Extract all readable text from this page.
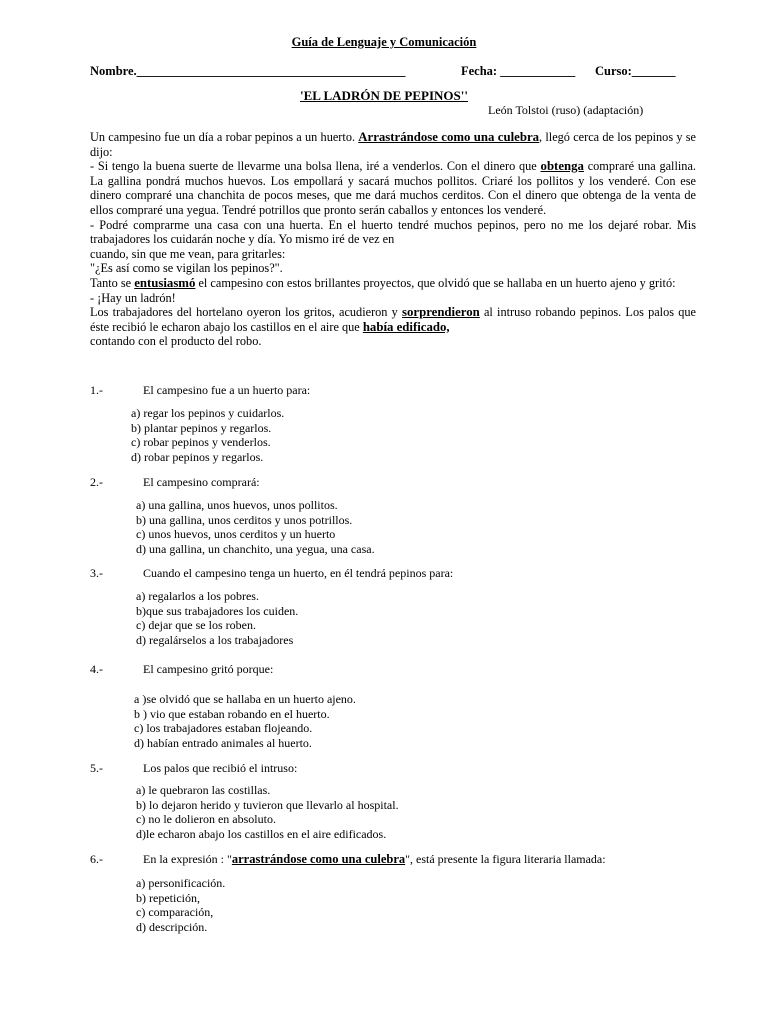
Guía de Lenguaje y Comunicación
Nombre.___________________________________________	Fecha: ____________ Curso:_______
'EL LADRÓN DE PEPINOS''
León Tolstoi (ruso) (adaptación)

Un campesino fue un día a robar pepinos a un huerto. Arrastrándose como una culebra, llegó cerca de los pepinos y se dijo:

- Si tengo la buena suerte de llevarme una bolsa llena, iré a venderlos. Con el dinero que obtenga compraré una gallina. La gallina pondrá muchos huevos. Los empollará y sacará muchos pollitos. Criaré los pollitos y los venderé. Con ese dinero compraré una chanchita de pocos meses, que me dará muchos cerditos. Con el dinero que obtenga de la venta de ellos compraré una yegua. Tendré potrillos que pronto serán caballos y entonces los venderé.

- Podré comprarme una casa con una huerta. En el huerto tendré muchos pepinos, pero no me los dejaré robar. Mis trabajadores los cuidarán noche y día. Yo mismo iré de vez en

cuando, sin que me vean, para gritarles:

"¿Es así como se vigilan los pepinos?".

Tanto se entusiasmó el campesino con estos brillantes proyectos, que olvidó que se hallaba en un huerto ajeno y gritó:

- ¡Hay un ladrón!

Los trabajadores del hortelano oyeron los gritos, acudieron y sorprendieron al intruso robando pepinos. Los palos que éste recibió le echaron abajo los castillos en el aire que había edificado,

contando con el producto del robo.

1.-	El campesino fue a un huerto para:
a) regar los pepinos y cuidarlos.
b) plantar pepinos y regarlos.
c) robar pepinos y venderlos.
d) robar pepinos y regarlos.
2.-	El campesino comprará:
a) una gallina, unos huevos, unos pollitos.
b) una gallina, unos cerditos y unos potrillos.
c) unos huevos, unos cerditos y un huerto
d) una gallina, un chanchito, una yegua, una casa.
3.-	Cuando el campesino tenga un huerto, en él tendrá pepinos para:
a) regalarlos a los pobres.
b)que sus trabajadores los cuiden.
c) dejar que se los roben.
d) regalárselos a los trabajadores
4.-	El campesino gritó porque:
a )se olvidó que se hallaba en un huerto ajeno.
b ) vio que estaban robando en el huerto.
c) los trabajadores estaban flojeando.
d) habían entrado animales al huerto.
5.-	Los palos que recibió el intruso:
a) le quebraron las costillas.
b) lo dejaron herido y tuvieron que llevarlo al hospital.
c) no le dolieron en absoluto.
d)le echaron abajo los castillos en el aire edificados.
6.-	En la expresión : "arrastrándose como una culebra", está presente la figura literaria llamada:
a) personificación.
b) repetición,
c) comparación,
d) descripción.
